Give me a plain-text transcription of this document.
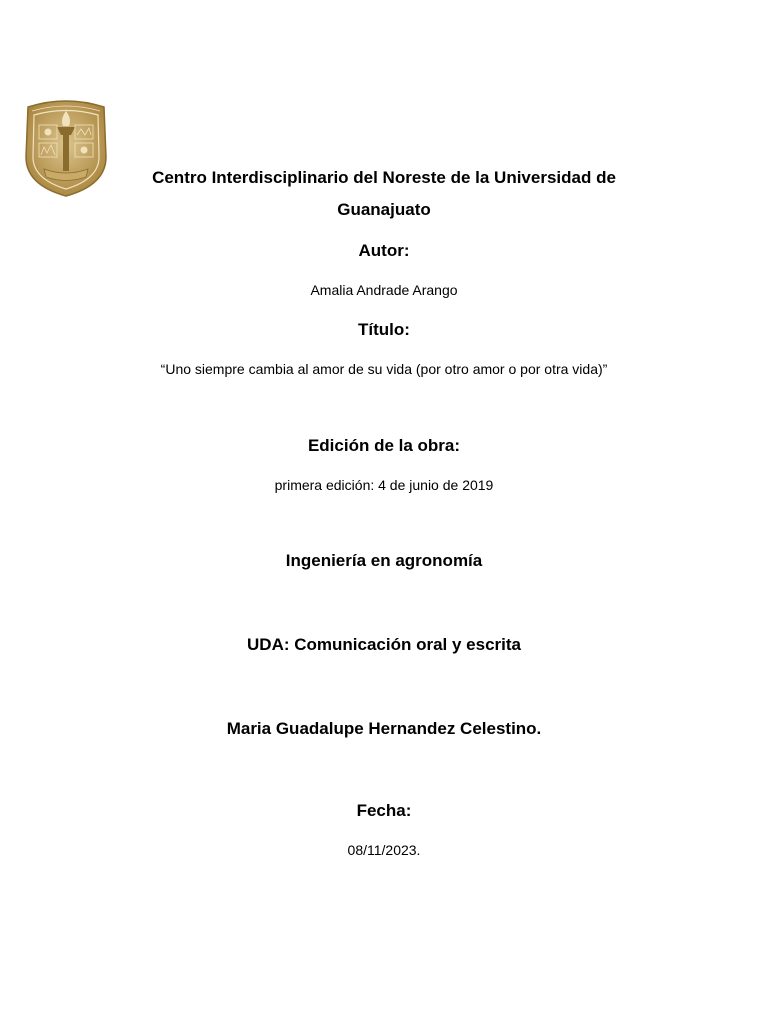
Centro Interdisciplinario del Noreste de la Universidad de
Guanajuato
Autor:
Amalia Andrade Arango
Título:
“Uno siempre cambia al amor de su vida (por otro amor o por otra vida)”
Edición de la obra:
primera edición: 4 de junio de 2019
Ingeniería en agronomía
UDA: Comunicación oral y escrita
Maria Guadalupe Hernandez Celestino.
Fecha:
08/11/2023.
